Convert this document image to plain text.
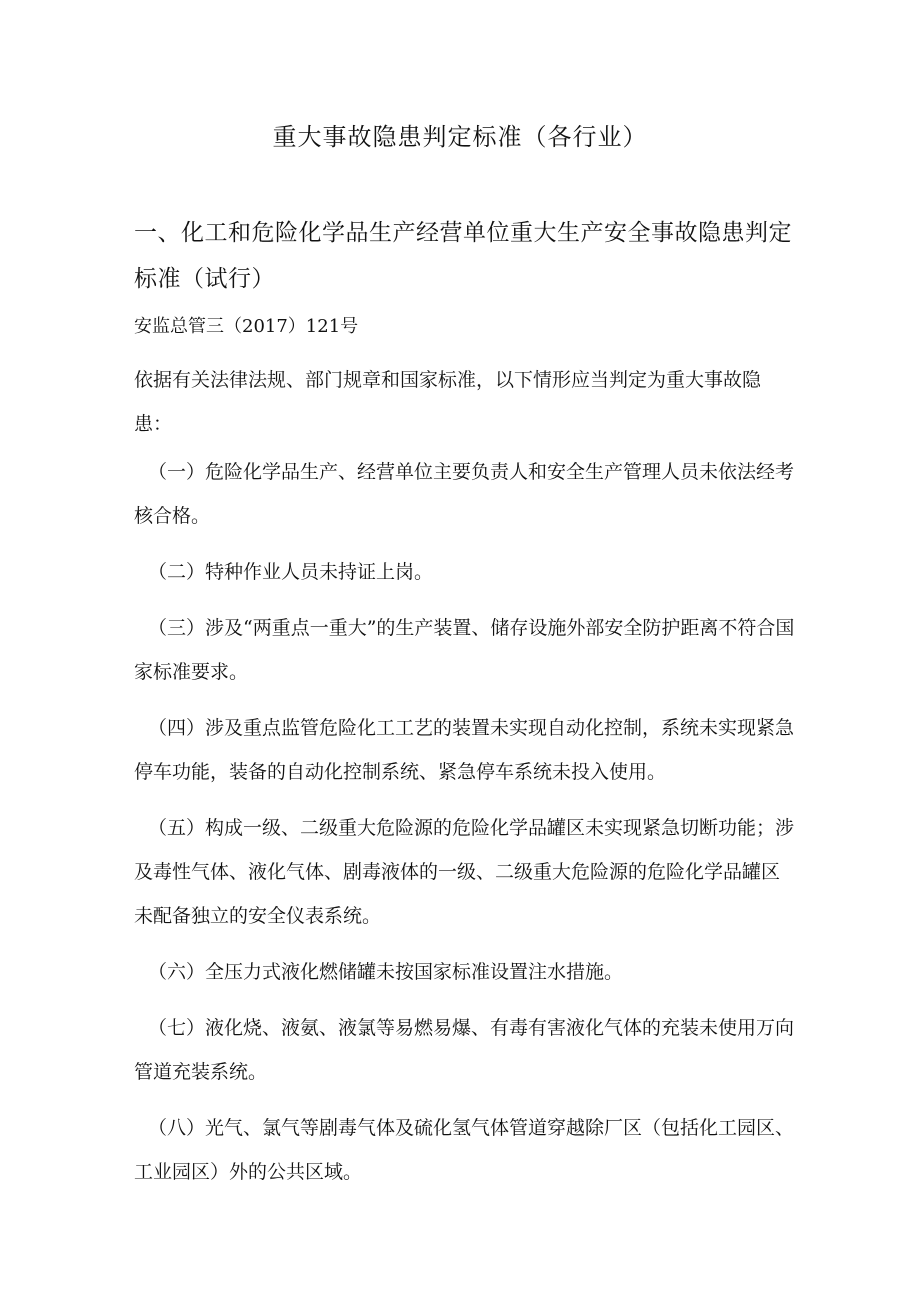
重大事故隐患判定标准（各行业）
一、化工和危险化学品生产经营单位重大生产安全事故隐患判定标准（试行）

安监总管三（2017）121号

依据有关法律法规、部门规章和国家标准，以下情形应当判定为重大事故隐患：

（一）危险化学品生产、经营单位主要负责人和安全生产管理人员未依法经考核合格。
（二）特种作业人员未持证上岗。
（三）涉及“两重点一重大”的生产装置、储存设施外部安全防护距离不符合国家标准要求。
（四）涉及重点监管危险化工工艺的装置未实现自动化控制，系统未实现紧急停车功能，装备的自动化控制系统、紧急停车系统未投入使用。
（五）构成一级、二级重大危险源的危险化学品罐区未实现紧急切断功能；涉及毒性气体、液化气体、剧毒液体的一级、二级重大危险源的危险化学品罐区未配备独立的安全仪表系统。
（六）全压力式液化燃储罐未按国家标准设置注水措施。
（七）液化烧、液氨、液氯等易燃易爆、有毒有害液化气体的充装未使用万向管道充装系统。
（八）光气、氯气等剧毒气体及硫化氢气体管道穿越除厂区（包括化工园区、工业园区）外的公共区域。
